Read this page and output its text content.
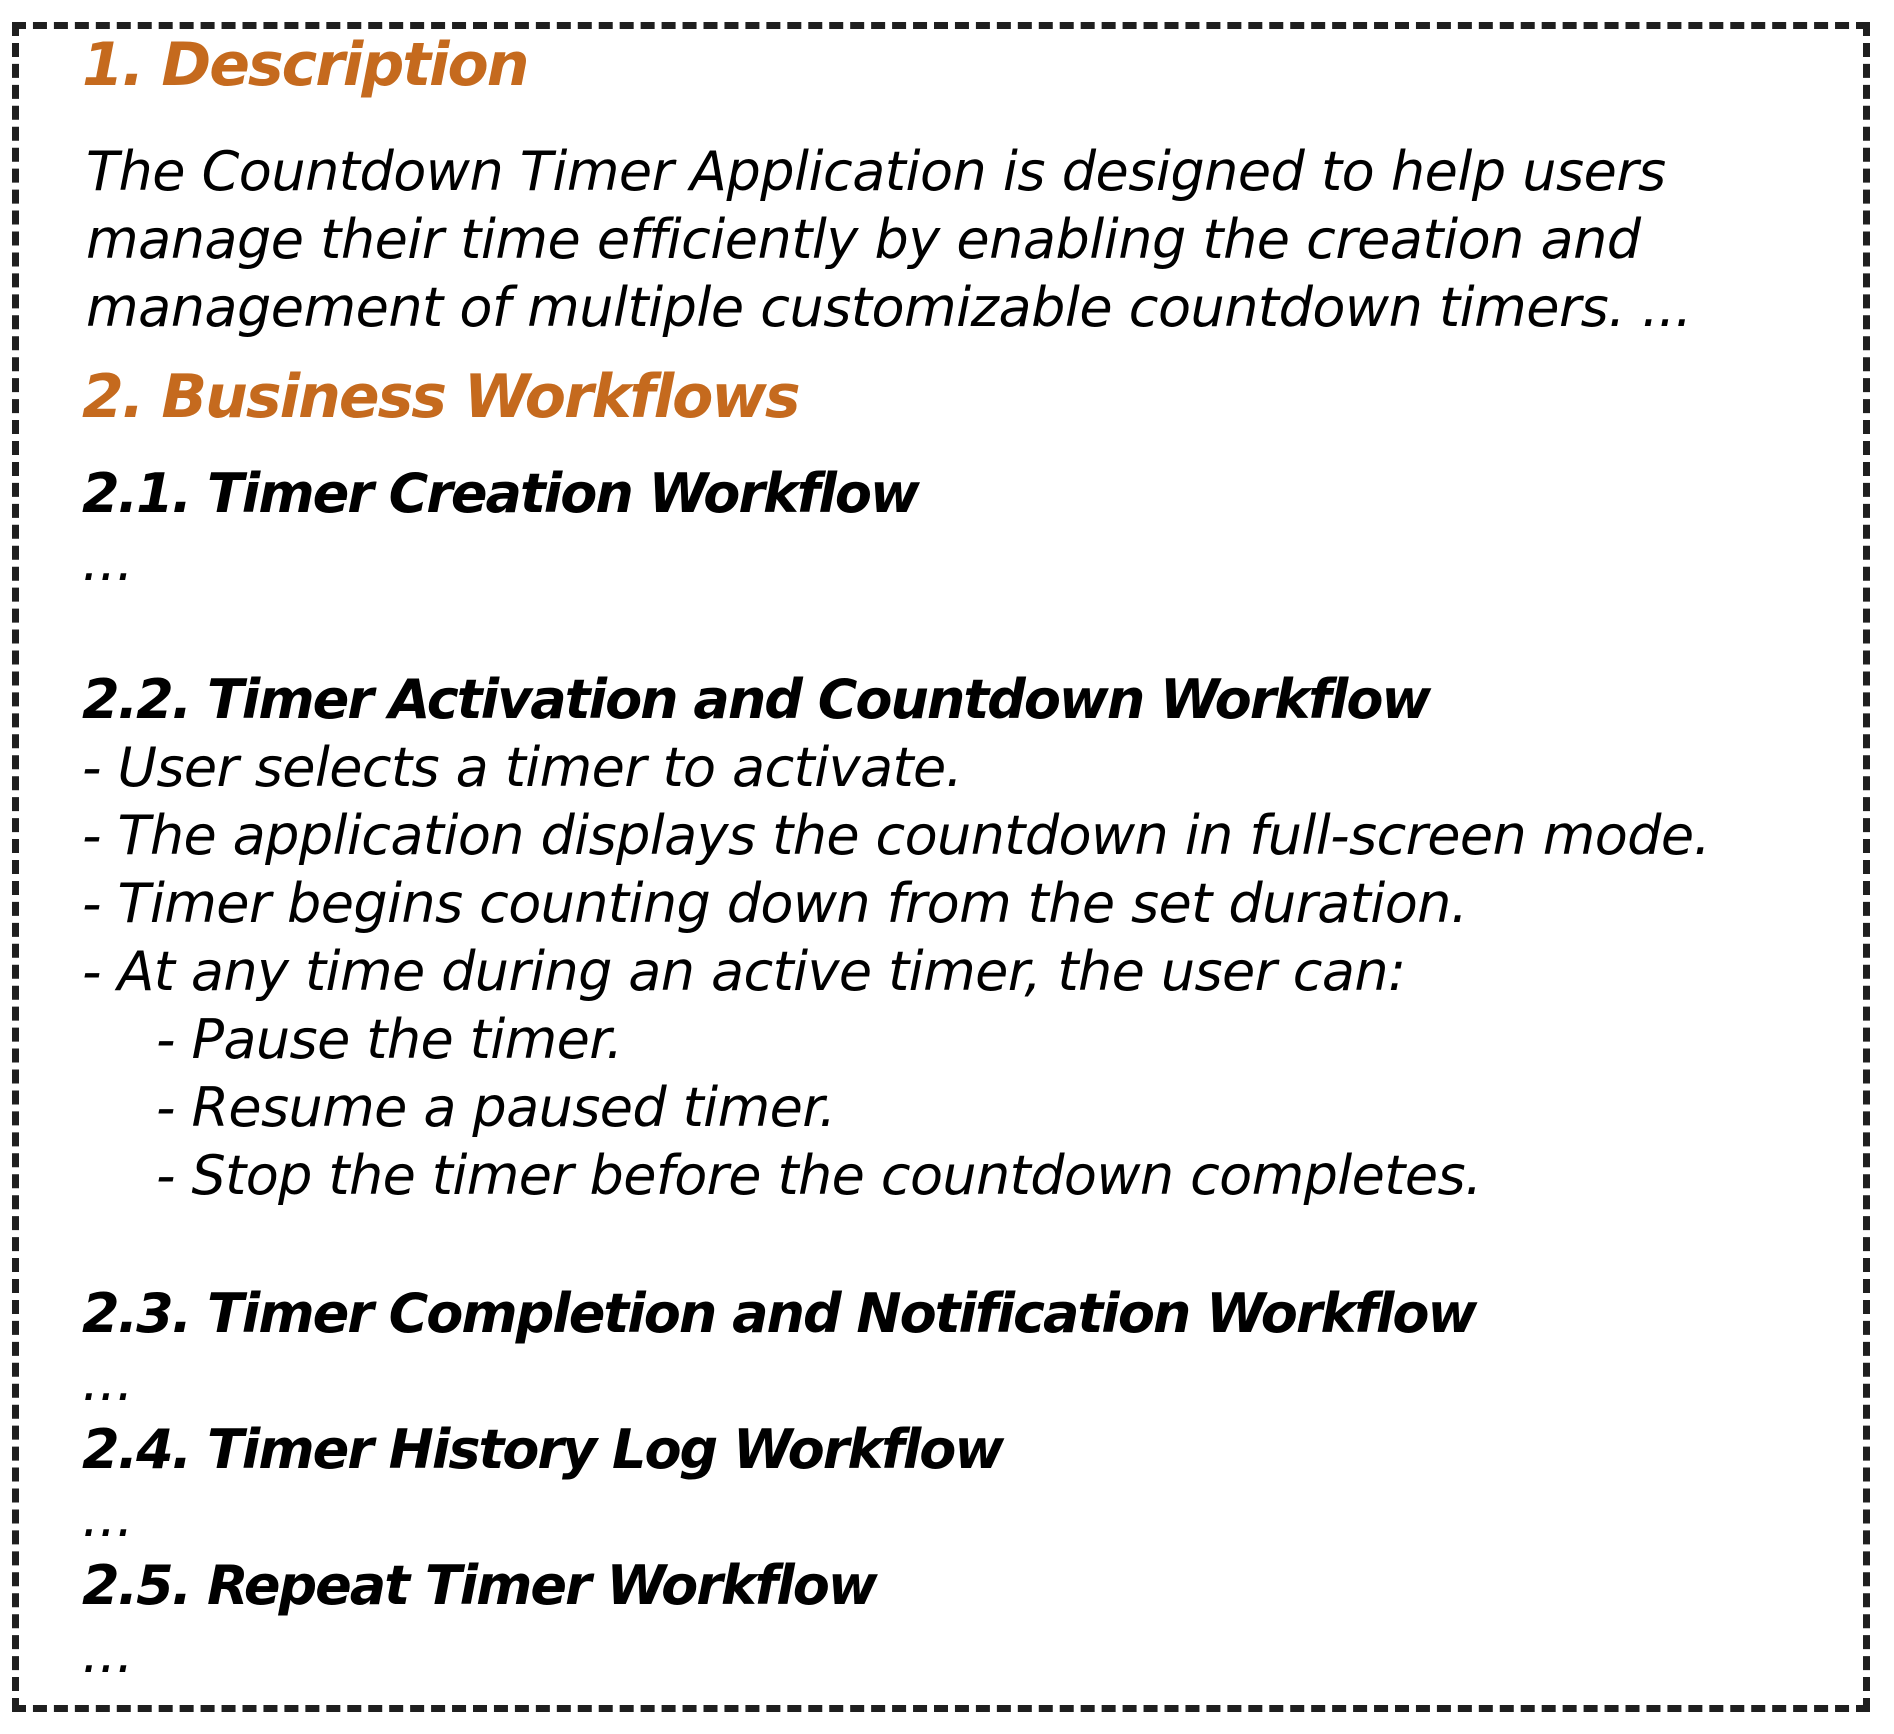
1. Description
The Countdown Timer Application is designed to help users
manage their time efficiently by enabling the creation and
management of multiple customizable countdown timers. ...
2. Business Workflows
2.1. Timer Creation Workflow
...
2.2. Timer Activation and Countdown Workflow
- User selects a timer to activate.
- The application displays the countdown in full-screen mode.
- Timer begins counting down from the set duration.
- At any time during an active timer, the user can:
- Pause the timer.
- Resume a paused timer.
- Stop the timer before the countdown completes.
2.3. Timer Completion and Notification Workflow
...
2.4. Timer History Log Workflow
...
2.5. Repeat Timer Workflow
...
